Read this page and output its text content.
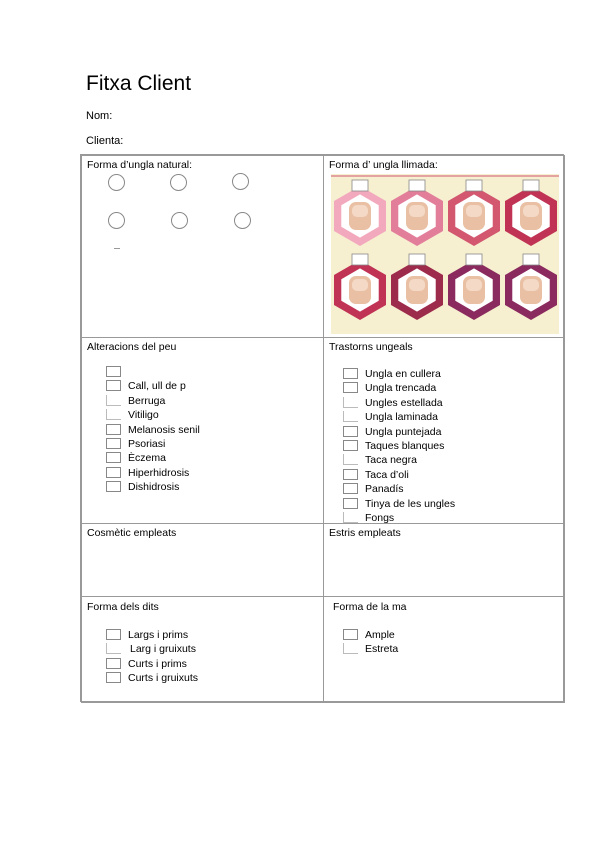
Fitxa Client
Nom:
Clienta:
Forma d’ungla natural:	Forma d’ ungla llimada:
Alteracions del peu
Call, ull de p
Berruga
Vitiligo
Melanosis senil
Psoriasi
Èczema
Hiperhidrosis
Dishidrosis
Trastorns ungeals
Ungla en cullera
Ungla trencada
Ungles estellada
Ungla laminada
Ungla puntejada
Taques blanques
Taca negra
Taca d’oli
Panadís
Tinya de les ungles
Fongs
Cosmètic empleats	Estris empleats
Forma dels dits
Largs i prims
Larg i gruixuts
Curts i prims
Curts i gruixuts
Forma de la ma
Ample
Estreta
